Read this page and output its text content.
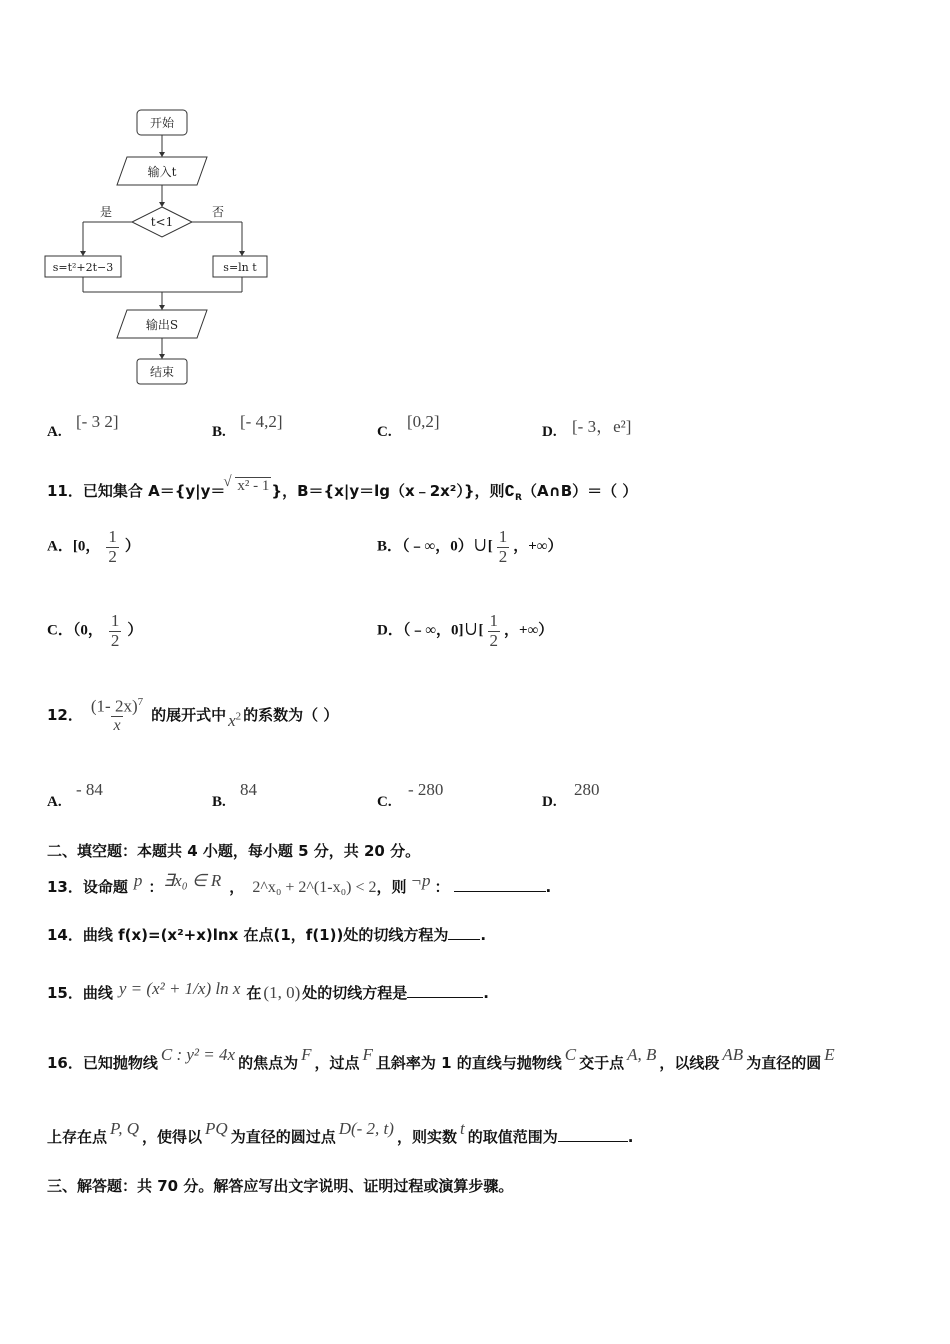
开始
输入t
t<1
是	否
s=t²+2t−3	s=ln t
输出S
结束
A.
[- 3 2]
B.
[- 4,2]
C.
[0,2]
D. [- 3，e²]
11．已知集合 A＝{y|y＝ x² - 1
√	}，B＝{x|y＝lg（x﹣2x²）}，则$∁_R(A\cap B)=$（ ）
A．[0， $\frac{1}{2}$ ）	B．（﹣∞，0）∪[ $\frac{1}{2}$ ，+∞）
C．（0， $\frac{1}{2}$ ）	D．（﹣∞，0]∪[ $\frac{1}{2}$ ，+∞）
12． $\frac{(1- 2x)^7}{x}$ 的展开式中 $x^2$ 的系数为（ ）
A.
- 84
B.
84
C.
- 280
D.
280
二、填空题：本题共 4 小题，每小题 5 分，共 20 分。
13．设命题 p ：∃x₀ ∈ R ， 2^x₀ + 2^(1-x₀) < 2，则 ¬p ：	.
14．曲线 f(x)=(x²+x)lnx 在点(1，f(1))处的切线方程为 .
15．曲线 y = (x² + 1/x) ln x 在 (1, 0) 处的切线方程是	.
16．已知抛物线 C : y² = 4x 的焦点为 F ，过点 F 且斜率为 1 的直线与抛物线 C 交于点 A, B ，以线段 AB 为直径的圆 E
上存在点 P, Q ，使得以 PQ 为直径的圆过点 D(- 2, t) ，则实数 t 的取值范围为	.
三、解答题：共 70 分。解答应写出文字说明、证明过程或演算步骤。
